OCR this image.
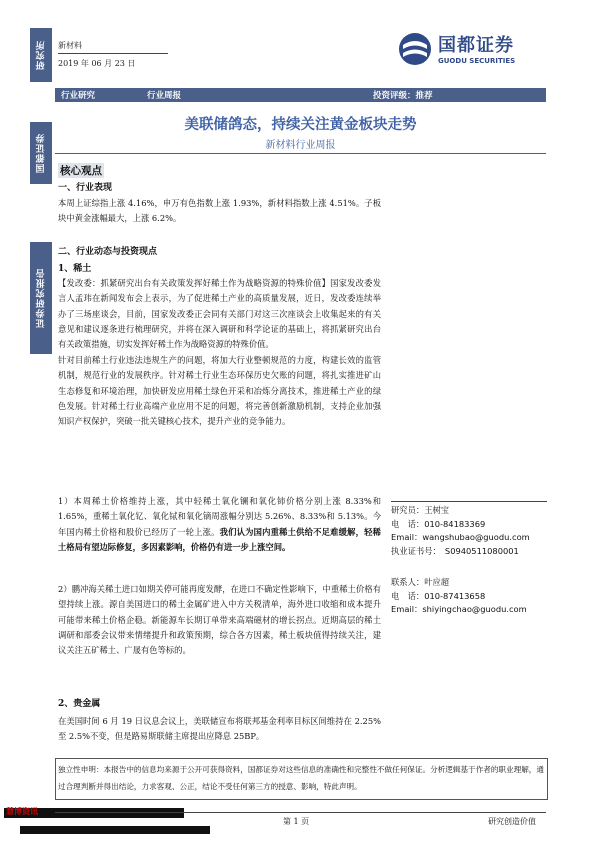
研究所
国都证券
证券研究报告
新材料
2019 年 06 月 23 日
国都证券
GUODU SECURITIES
行业研究	行业周报	投资评级：推荐
美联储鸽态，持续关注黄金板块走势
新材料行业周报
核心观点
一、行业表现
本周上证综指上涨 4.16%，申万有色指数上涨 1.93%，新材料指数上涨 4.51%。子板块中黄金涨幅最大，上涨 6.2%。
二、行业动态与投资现点
1、稀土
【发改委：抓紧研究出台有关政策发挥好稀土作为战略资源的特殊价值】国家发改委发言人孟玮在新闻发布会上表示，为了促进稀土产业的高质量发展，近日，发改委连续举办了三场座谈会，目前，国家发改委正会同有关部门对这三次座谈会上收集起来的有关意见和建议逐条进行梳理研究，并将在深入调研和科学论证的基础上，将抓紧研究出台有关政策措施，切实发挥好稀土作为战略资源的特殊价值。
针对目前稀土行业违法违规生产的问题，将加大行业整顿规范的力度，构建长效的监管机制，规范行业的发展秩序。针对稀土行业生态环保历史欠账的问题，将扎实推进矿山生态修复和环境治理，加快研发应用稀土绿色开采和冶炼分离技术，推进稀土产业的绿色发展。针对稀土行业高端产业应用不足的问题，将完善创新激励机制，支持企业加强知识产权保护，突破一批关键核心技术，提升产业的竞争能力。
1）本周稀土价格维持上涨，其中轻稀土氧化镧和氧化铈价格分别上涨 8.33%和 1.65%，重稀土氧化钇、氧化铽和氧化镝周涨幅分别达 5.26%、8.33%和 5.13%。今年国内稀土价格和股价已经历了一轮上涨。我们认为国内重稀土供给不足难缓解，轻稀土格局有望边际修复，多因素影响，价格仍有进一步上涨空间。
2）鹏冲海关稀土进口如期关停可能再度发酵，在进口不确定性影响下，中重稀土价格有望持续上涨。源自美国进口的稀土金属矿进入中方关税清单，海外进口收缩和成本提升可能带来稀土价格企稳。新能源车长期订单带来高端磁材的增长拐点。近期高层的稀土调研和部委会议带来情绪提升和政策预期，综合各方因素，稀土板块值得持续关注，建议关注五矿稀土、广晟有色等标的。
2、贵金属
在美国时间 6 月 19 日议息会议上，美联储宣布将联邦基金利率目标区间维持在 2.25%至 2.5%不变，但是路易斯联储主席提出应降息 25BP。
研究员：王树宝
电　话：010-84183369
Email：wangshubao@guodu.com
执业证书号：　S0940511080001
联系人：叶应超
电　话：010-87413658
Email：shiyingchao@guodu.com
独立性申明：本报告中的信息均来源于公开可获得资料，国都证券对这些信息的准确性和完整性不做任何保证。分析逻辑基于作者的职业理解，通过合理判断并得出结论，力求客观、公正，结论不受任何第三方的授意、影响，特此声明。
慧博资讯
第 1 页	研究创造价值
